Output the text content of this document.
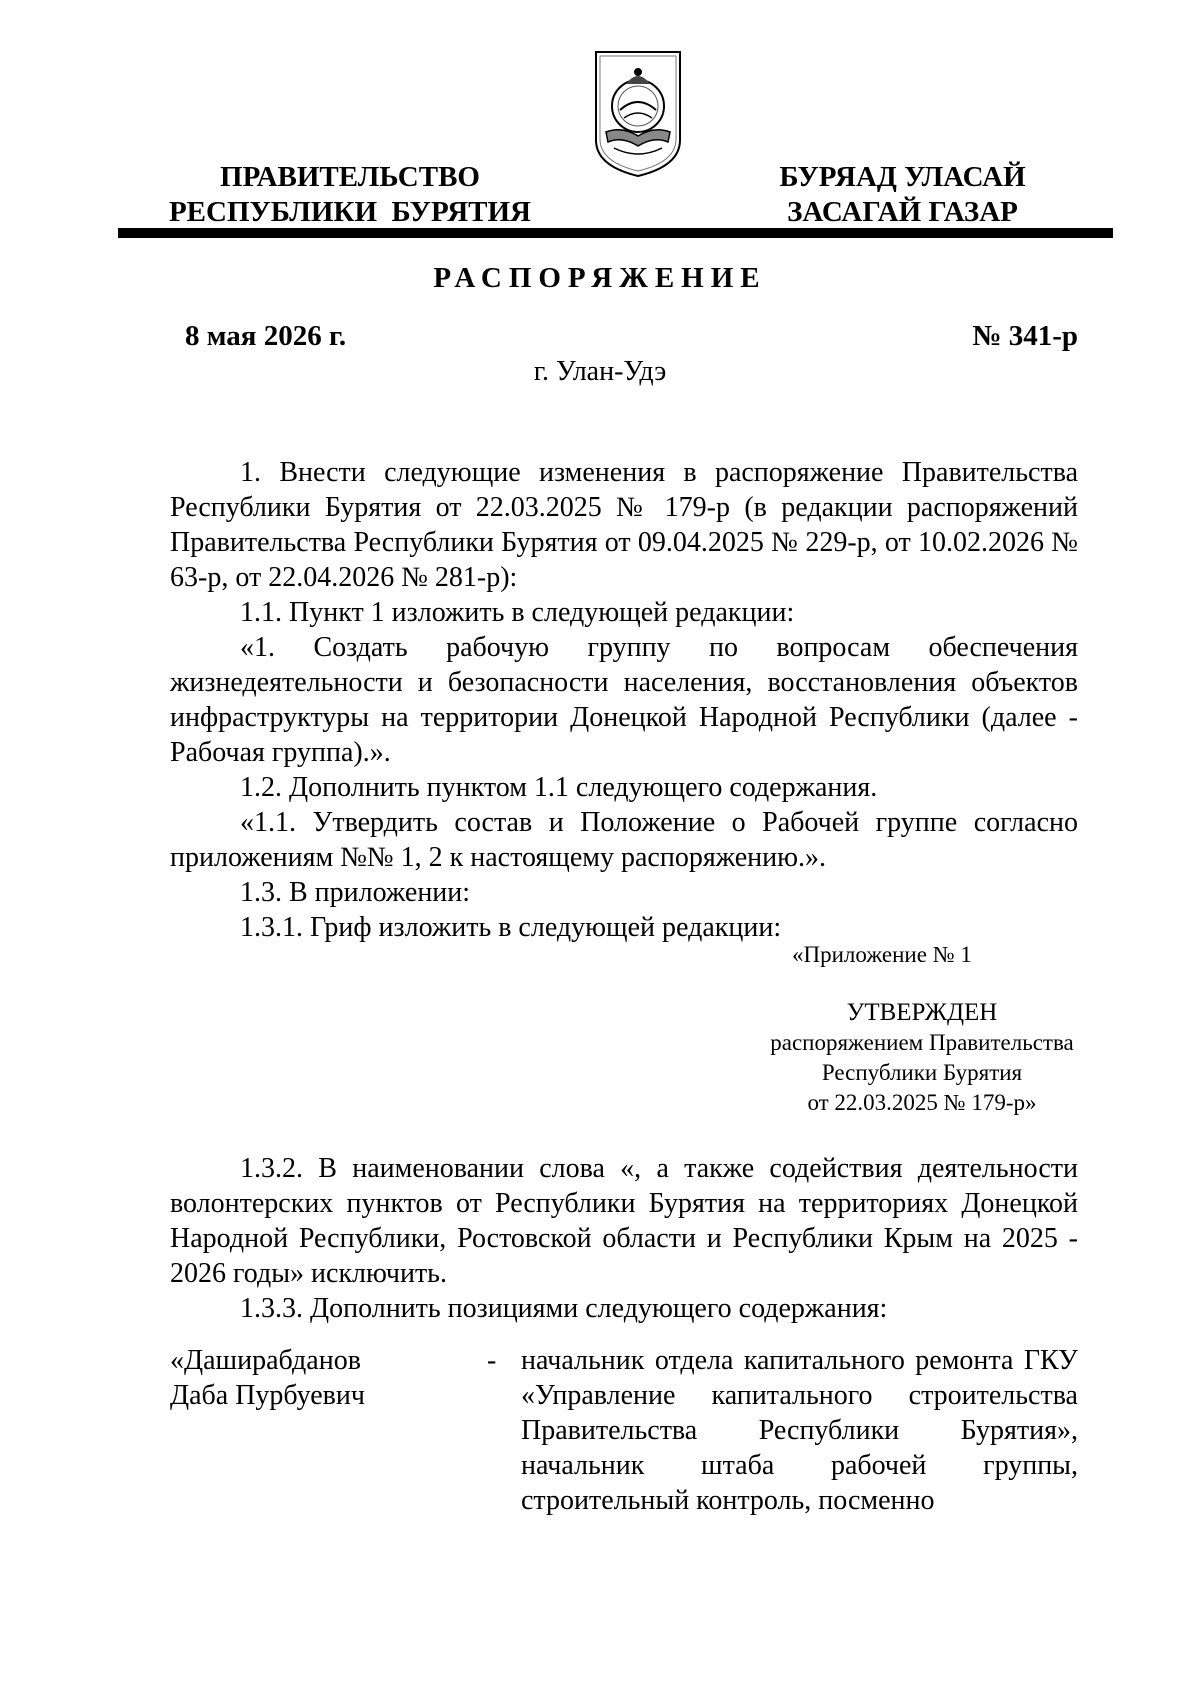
ПРАВИТЕЛЬСТВО
РЕСПУБЛИКИ  БУРЯТИЯ
БУРЯАД УЛАСАЙ
ЗАСАГАЙ ГАЗАР
РАСПОРЯЖЕНИЕ
8 мая 2026 г.	№ 341-р
г. Улан-Удэ

1. Внести следующие изменения в распоряжение Правительства Республики Бурятия от 22.03.2025 № 179-р (в редакции распоряжений Правительства Республики Бурятия от 09.04.2025 № 229-р, от 10.02.2026 № 63-р, от 22.04.2026 № 281-р):

1.1. Пункт 1 изложить в следующей редакции:

«1. Создать рабочую группу по вопросам обеспечения жизнедеятельности и безопасности населения, восстановления объектов инфраструктуры на территории Донецкой Народной Республики (далее - Рабочая группа).».

1.2. Дополнить пунктом 1.1 следующего содержания.

«1.1. Утвердить состав и Положение о Рабочей группе согласно приложениям №№ 1, 2 к настоящему распоряжению.».

1.3. В приложении:

1.3.1. Гриф изложить в следующей редакции:

«Приложение № 1
УТВЕРЖДЕН
распоряжением Правительства
Республики Бурятия
от 22.03.2025 № 179-р»

1.3.2. В наименовании слова «, а также содействия деятельности волонтерских пунктов от Республики Бурятия на территориях Донецкой Народной Республики, Ростовской области и Республики Крым на 2025 - 2026 годы» исключить.

1.3.3. Дополнить позициями следующего содержания:

«Даширабданов
Даба Пурбуевич
- начальник отдела капитального ремонта ГКУ «Управление капитального строительства Правительства Республики Бурятия», начальник штаба рабочей группы, строительный контроль, посменно
